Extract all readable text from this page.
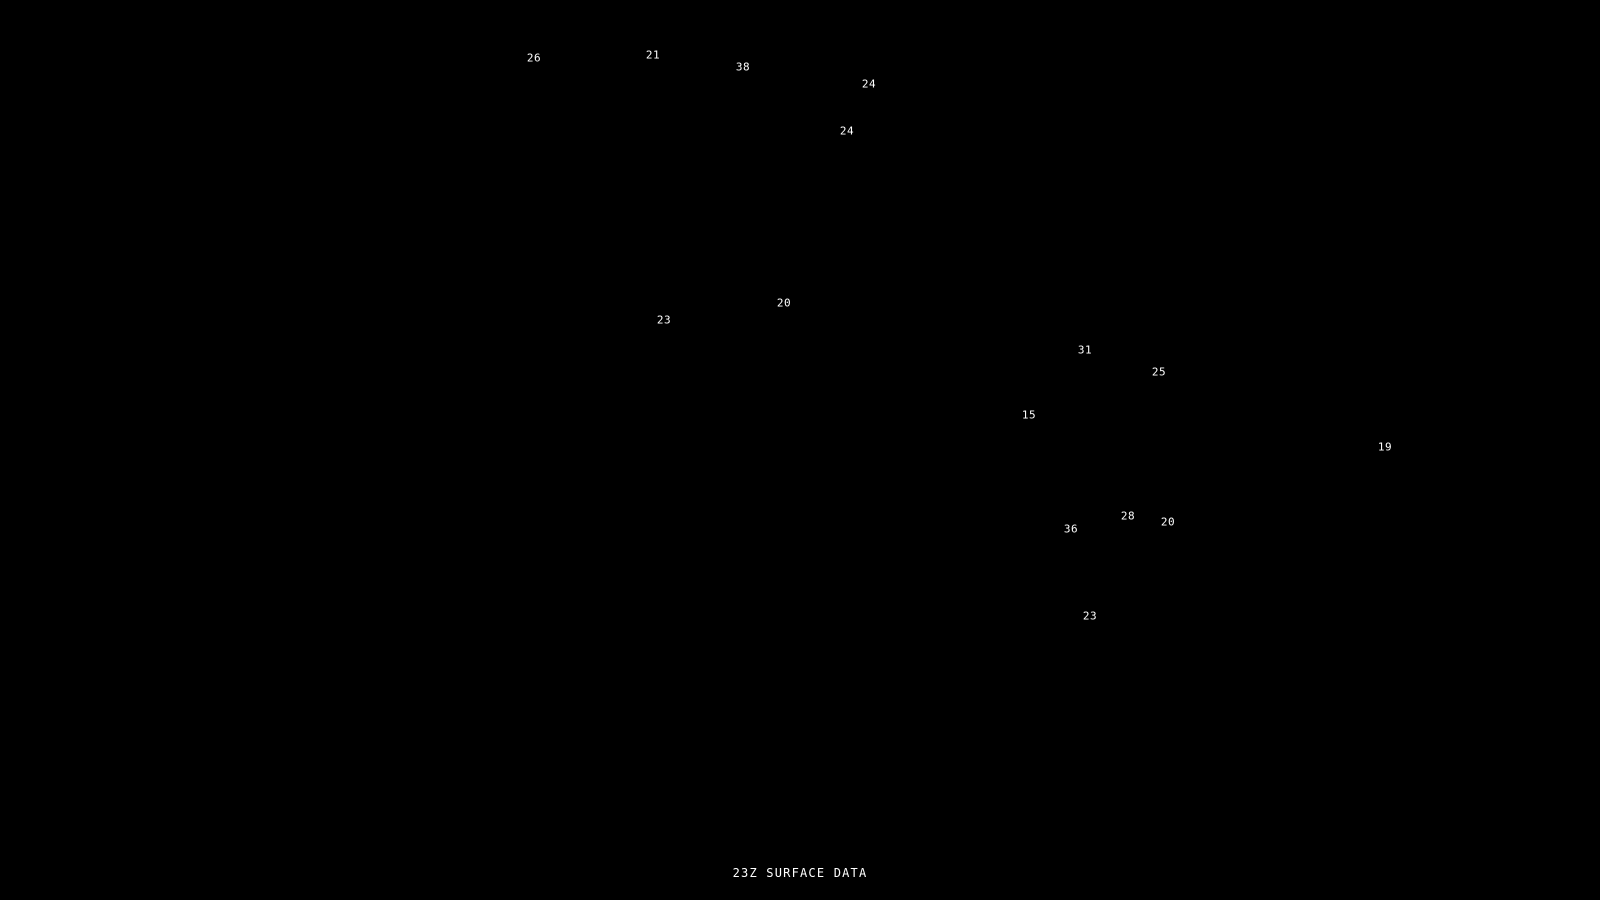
26	21
38
24
24
20
23
31
25
15
19
28 20
36
23
23Z SURFACE DATA
